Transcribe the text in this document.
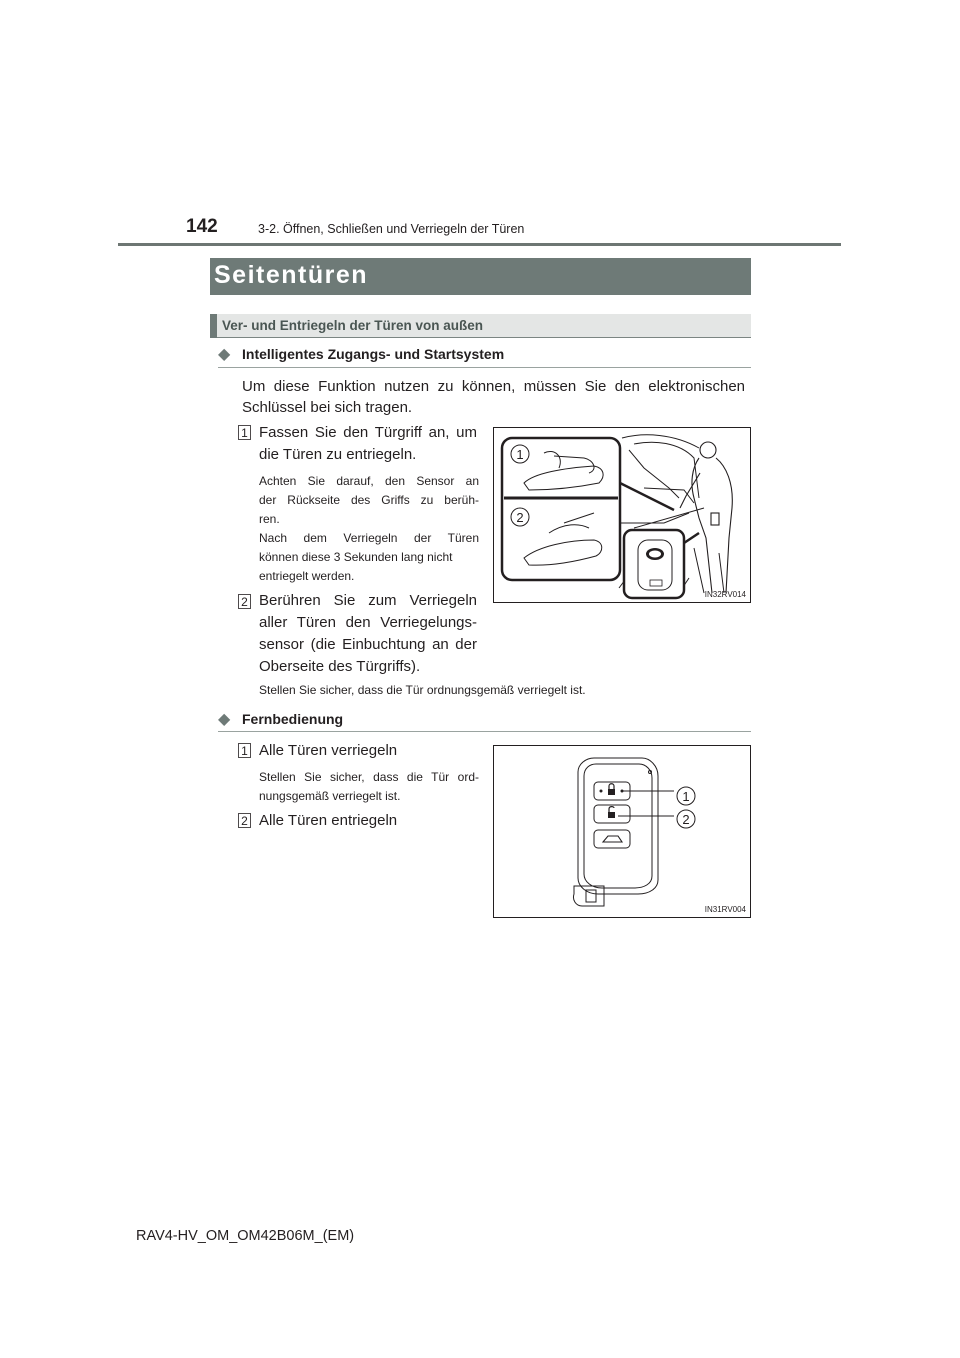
142	3-2. Öffnen, Schließen und Verriegeln der Türen
Seitentüren
Ver- und Entriegeln der Türen von außen
◆ Intelligentes Zugangs- und Startsystem
Um diese Funktion nutzen zu können, müssen Sie den elektronischen
Schlüssel bei sich tragen.
1 Fassen Sie den Türgriff an, um
die Türen zu entriegeln.
Achten Sie darauf, den Sensor an
der Rückseite des Griffs zu berüh-
ren.
Nach dem Verriegeln der Türen
können diese 3 Sekunden lang nicht
entriegelt werden.
2 Berühren Sie zum Verriegeln
aller Türen den Verriegelungs-
sensor (die Einbuchtung an der
Oberseite des Türgriffs).
Stellen Sie sicher, dass die Tür ordnungsgemäß verriegelt ist.
1
2
IN32RV014
◆ Fernbedienung
1 Alle Türen verriegeln
Stellen Sie sicher, dass die Tür ord-
nungsgemäß verriegelt ist.
2 Alle Türen entriegeln
1
2
IN31RV004
RAV4-HV_OM_OM42B06M_(EM)
